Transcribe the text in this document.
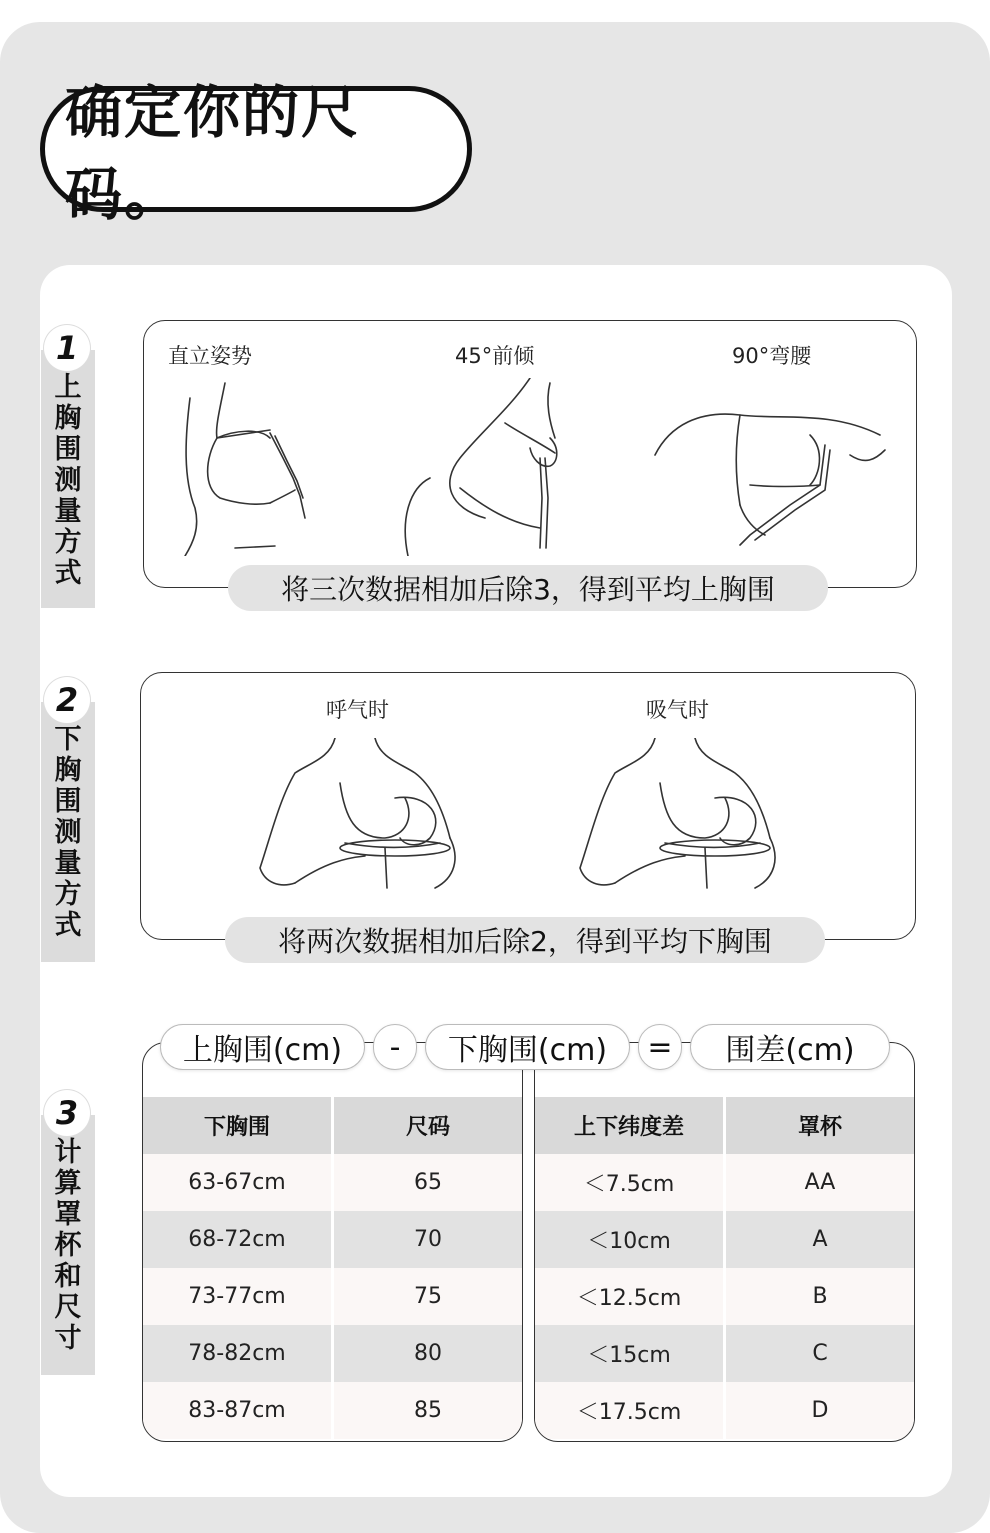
确定你的尺码。
1
上
胸
围
测
量
方
式
直立姿势	45°前倾	90°弯腰
将三次数据相加后除3，得到平均上胸围
2
下
胸
围
测
量
方
式
呼气时	吸气时
将两次数据相加后除2，得到平均下胸围
3
计
算
罩
杯
和
尺
寸
上胸围(cm)	-	下胸围(cm)	=	围差(cm)
下胸围	尺码
63-67cm	65
68-72cm	70
73-77cm	75
78-82cm	80
83-87cm	85
上下纬度差	罩杯
＜7.5cm	AA
＜10cm	A
＜12.5cm	B
＜15cm	C
＜17.5cm	D
